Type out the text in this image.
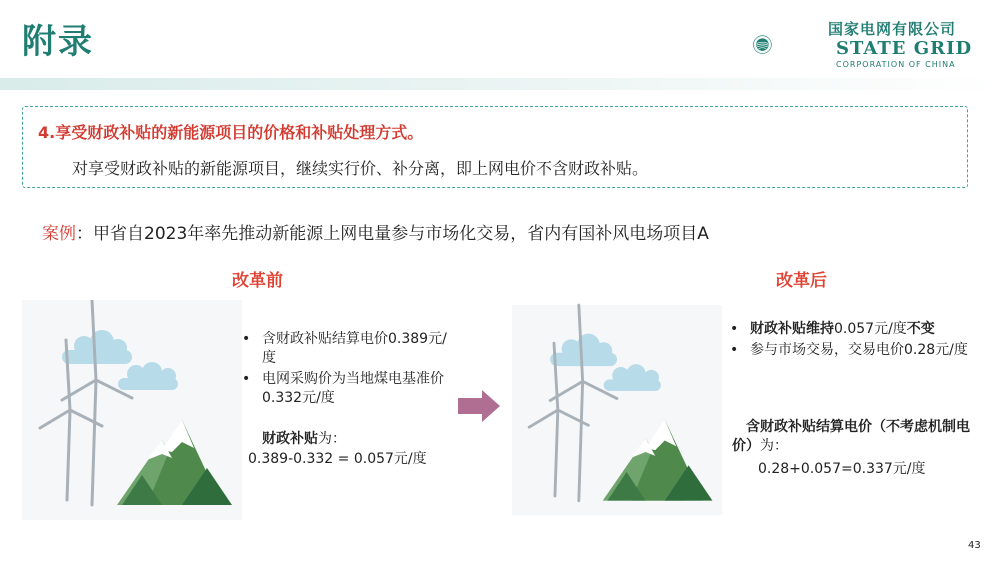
附录	国家电网有限公司
STATE GRID
CORPORATION OF CHINA
4.享受财政补贴的新能源项目的价格和补贴处理方式。
对享受财政补贴的新能源项目，继续实行价、补分离，即上网电价不含财政补贴。
案例：甲省自2023年率先推动新能源上网电量参与市场化交易，省内有国补风电场项目A
改革前
• 含财政补贴结算电价0.389元/度
• 电网采购价为当地煤电基准价0.332元/度
财政补贴为：
0.389-0.332 = 0.057元/度
改革后
• 财政补贴维持0.057元/度不变
• 参与市场交易，交易电价0.28元/度
含财政补贴结算电价（不考虑机制电价）为：
0.28+0.057=0.337元/度
43
